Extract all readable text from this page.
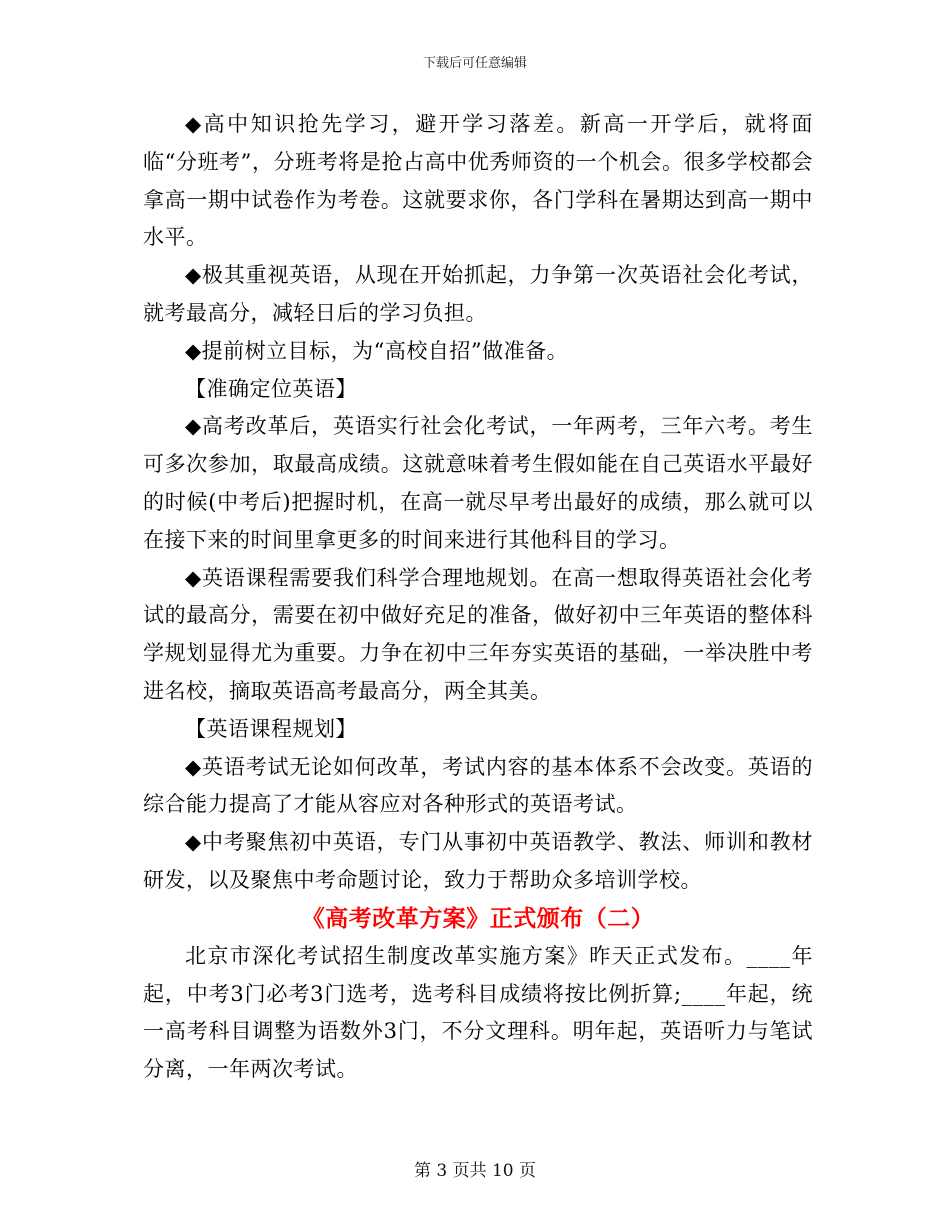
下载后可任意编辑

◆高中知识抢先学习，避开学习落差。新高一开学后，就将面临“分班考”，分班考将是抢占高中优秀师资的一个机会。很多学校都会拿高一期中试卷作为考卷。这就要求你，各门学科在暑期达到高一期中水平。

◆极其重视英语，从现在开始抓起，力争第一次英语社会化考试，就考最高分，减轻日后的学习负担。

◆提前树立目标，为“高校自招”做准备。

【准确定位英语】

◆高考改革后，英语实行社会化考试，一年两考，三年六考。考生可多次参加，取最高成绩。这就意味着考生假如能在自己英语水平最好的时候(中考后)把握时机，在高一就尽早考出最好的成绩，那么就可以在接下来的时间里拿更多的时间来进行其他科目的学习。

◆英语课程需要我们科学合理地规划。在高一想取得英语社会化考试的最高分，需要在初中做好充足的准备，做好初中三年英语的整体科学规划显得尤为重要。力争在初中三年夯实英语的基础，一举决胜中考进名校，摘取英语高考最高分，两全其美。

【英语课程规划】

◆英语考试无论如何改革，考试内容的基本体系不会改变。英语的综合能力提高了才能从容应对各种形式的英语考试。

◆中考聚焦初中英语，专门从事初中英语教学、教法、师训和教材研发，以及聚焦中考命题讨论，致力于帮助众多培训学校。

《高考改革方案》正式颁布（二）

北京市深化考试招生制度改革实施方案》昨天正式发布。____年起，中考3门必考3门选考，选考科目成绩将按比例折算;____年起，统一高考科目调整为语数外3门，不分文理科。明年起，英语听力与笔试分离，一年两次考试。

第 3 页共 10 页
